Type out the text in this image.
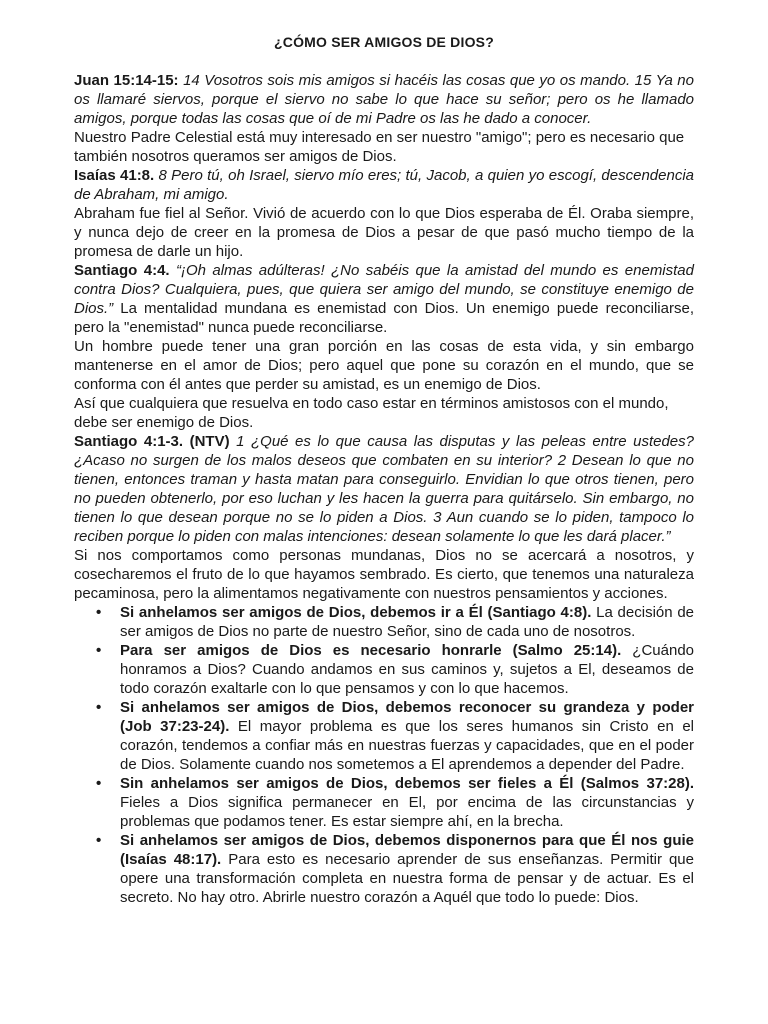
¿CÓMO SER AMIGOS DE DIOS?

Juan 15:14-15: 14 Vosotros sois mis amigos si hacéis las cosas que yo os mando. 15 Ya no os llamaré siervos, porque el siervo no sabe lo que hace su señor; pero os he llamado amigos, porque todas las cosas que oí de mi Padre os las he dado a conocer.

Nuestro Padre Celestial está muy interesado en ser nuestro "amigo"; pero es necesario que también nosotros queramos ser amigos de Dios.

Isaías 41:8. 8 Pero tú, oh Israel, siervo mío eres; tú, Jacob, a quien yo escogí, descendencia de Abraham, mi amigo.

Abraham fue fiel al Señor. Vivió de acuerdo con lo que Dios esperaba de Él. Oraba siempre, y nunca dejo de creer en la promesa de Dios a pesar de que pasó mucho tiempo de la promesa de darle un hijo.

Santiago 4:4. “¡Oh almas adúlteras! ¿No sabéis que la amistad del mundo es enemistad contra Dios? Cualquiera, pues, que quiera ser amigo del mundo, se constituye enemigo de Dios.” La mentalidad mundana es enemistad con Dios. Un enemigo puede reconciliarse, pero la "enemistad" nunca puede reconciliarse.

Un hombre puede tener una gran porción en las cosas de esta vida, y sin embargo mantenerse en el amor de Dios; pero aquel que pone su corazón en el mundo, que se conforma con él antes que perder su amistad, es un enemigo de Dios.

Así que cualquiera que resuelva en todo caso estar en términos amistosos con el mundo, debe ser enemigo de Dios.

Santiago 4:1-3. (NTV) 1 ¿Qué es lo que causa las disputas y las peleas entre ustedes? ¿Acaso no surgen de los malos deseos que combaten en su interior? 2 Desean lo que no tienen, entonces traman y hasta matan para conseguirlo. Envidian lo que otros tienen, pero no pueden obtenerlo, por eso luchan y les hacen la guerra para quitárselo. Sin embargo, no tienen lo que desean porque no se lo piden a Dios. 3 Aun cuando se lo piden, tampoco lo reciben porque lo piden con malas intenciones: desean solamente lo que les dará placer.”

Si nos comportamos como personas mundanas, Dios no se acercará a nosotros, y cosecharemos el fruto de lo que hayamos sembrado. Es cierto, que tenemos una naturaleza pecaminosa, pero la alimentamos negativamente con nuestros pensamientos y acciones.

• Si anhelamos ser amigos de Dios, debemos ir a Él (Santiago 4:8). La decisión de ser amigos de Dios no parte de nuestro Señor, sino de cada uno de nosotros.
• Para ser amigos de Dios es necesario honrarle (Salmo 25:14). ¿Cuándo honramos a Dios? Cuando andamos en sus caminos y, sujetos a El, deseamos de todo corazón exaltarle con lo que pensamos y con lo que hacemos.
• Si anhelamos ser amigos de Dios, debemos reconocer su grandeza y poder (Job 37:23-24). El mayor problema es que los seres humanos sin Cristo en el corazón, tendemos a confiar más en nuestras fuerzas y capacidades, que en el poder de Dios. Solamente cuando nos sometemos a El aprendemos a depender del Padre.
• Sin anhelamos ser amigos de Dios, debemos ser fieles a Él (Salmos 37:28). Fieles a Dios significa permanecer en El, por encima de las circunstancias y problemas que podamos tener. Es estar siempre ahí, en la brecha.
• Si anhelamos ser amigos de Dios, debemos disponernos para que Él nos guie (Isaías 48:17). Para esto es necesario aprender de sus enseñanzas. Permitir que opere una transformación completa en nuestra forma de pensar y de actuar. Es el secreto. No hay otro. Abrirle nuestro corazón a Aquél que todo lo puede: Dios.
